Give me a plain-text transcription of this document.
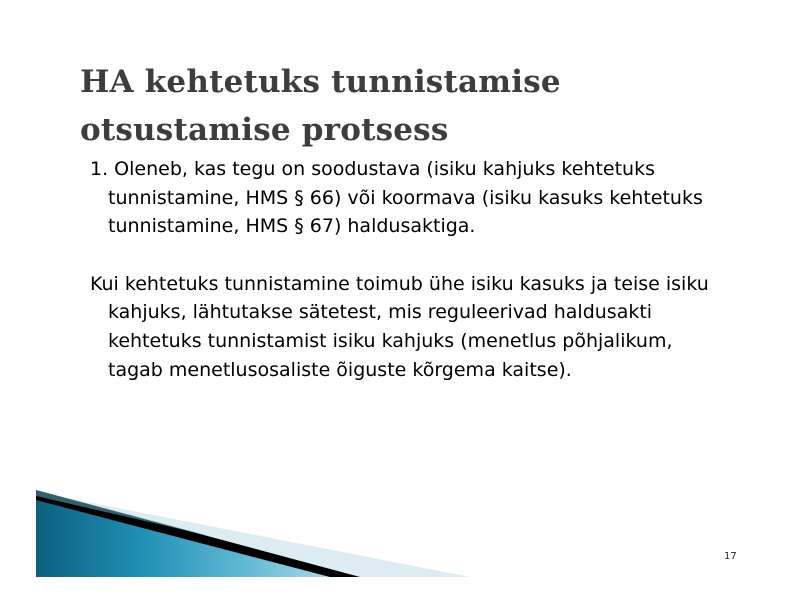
HA kehtetuks tunnistamise
otsustamise protsess
1. Oleneb, kas tegu on soodustava (isiku kahjuks kehtetuks tunnistamine, HMS § 66) või koormava (isiku kasuks kehtetuks tunnistamine, HMS § 67) haldusaktiga.
Kui kehtetuks tunnistamine toimub ühe isiku kasuks ja teise isiku kahjuks, lähtutakse sätetest, mis reguleerivad haldusakti kehtetuks tunnistamist isiku kahjuks (menetlus põhjalikum, tagab menetlusosaliste õiguste kõrgema kaitse).
17
